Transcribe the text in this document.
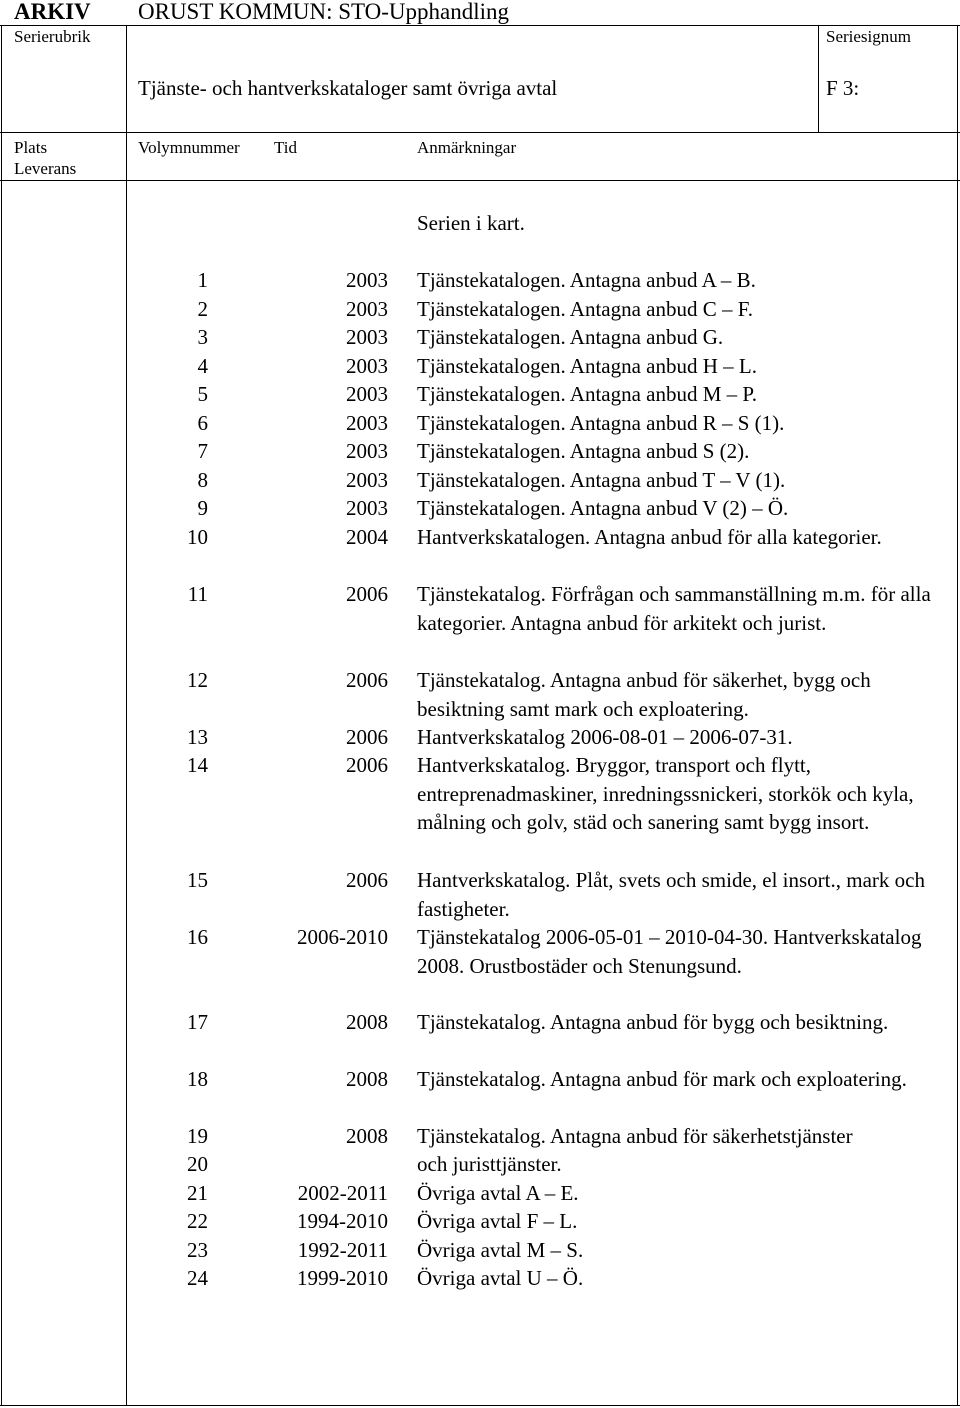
ARKIV ORUST KOMMUN: STO-Upphandling
Serierubrik	Seriesignum
Tjänste- och hantverkskataloger samt övriga avtal	F 3:
Plats
Leverans
Volymnummer Tid	Anmärkningar
Serien i kart.
1	2003 Tjänstekatalogen. Antagna anbud A – B.
2	2003 Tjänstekatalogen. Antagna anbud C – F.
3	2003 Tjänstekatalogen. Antagna anbud G.
4	2003 Tjänstekatalogen. Antagna anbud H – L.
5	2003 Tjänstekatalogen. Antagna anbud M – P.
6	2003 Tjänstekatalogen. Antagna anbud R – S (1).
7	2003 Tjänstekatalogen. Antagna anbud S (2).
8	2003 Tjänstekatalogen. Antagna anbud T – V (1).
9	2003 Tjänstekatalogen. Antagna anbud V (2) – Ö.
10	2004 Hantverkskatalogen. Antagna anbud för alla kategorier.
11	2006 Tjänstekatalog. Förfrågan och sammanställning m.m. för alla kategorier. Antagna anbud för arkitekt och jurist.
12	2006 Tjänstekatalog. Antagna anbud för säkerhet, bygg och besiktning samt mark och exploatering.
13	2006 Hantverkskatalog 2006-08-01 – 2006-07-31.
14	2006 Hantverkskatalog. Bryggor, transport och flytt, entreprenadmaskiner, inredningssnickeri, storkök och kyla, målning och golv, städ och sanering samt bygg insort.
15	2006 Hantverkskatalog. Plåt, svets och smide, el insort., mark och fastigheter.
16	2006-2010 Tjänstekatalog 2006-05-01 – 2010-04-30. Hantverkskatalog 2008. Orustbostäder och Stenungsund.
17	2008 Tjänstekatalog. Antagna anbud för bygg och besiktning.
18	2008 Tjänstekatalog. Antagna anbud för mark och exploatering.
19	2008 Tjänstekatalog. Antagna anbud för säkerhetstjänster
20	och juristtjänster.
21	2002-2011 Övriga avtal A – E.
22	1994-2010 Övriga avtal F – L.
23	1992-2011 Övriga avtal M – S.
24	1999-2010 Övriga avtal U – Ö.
